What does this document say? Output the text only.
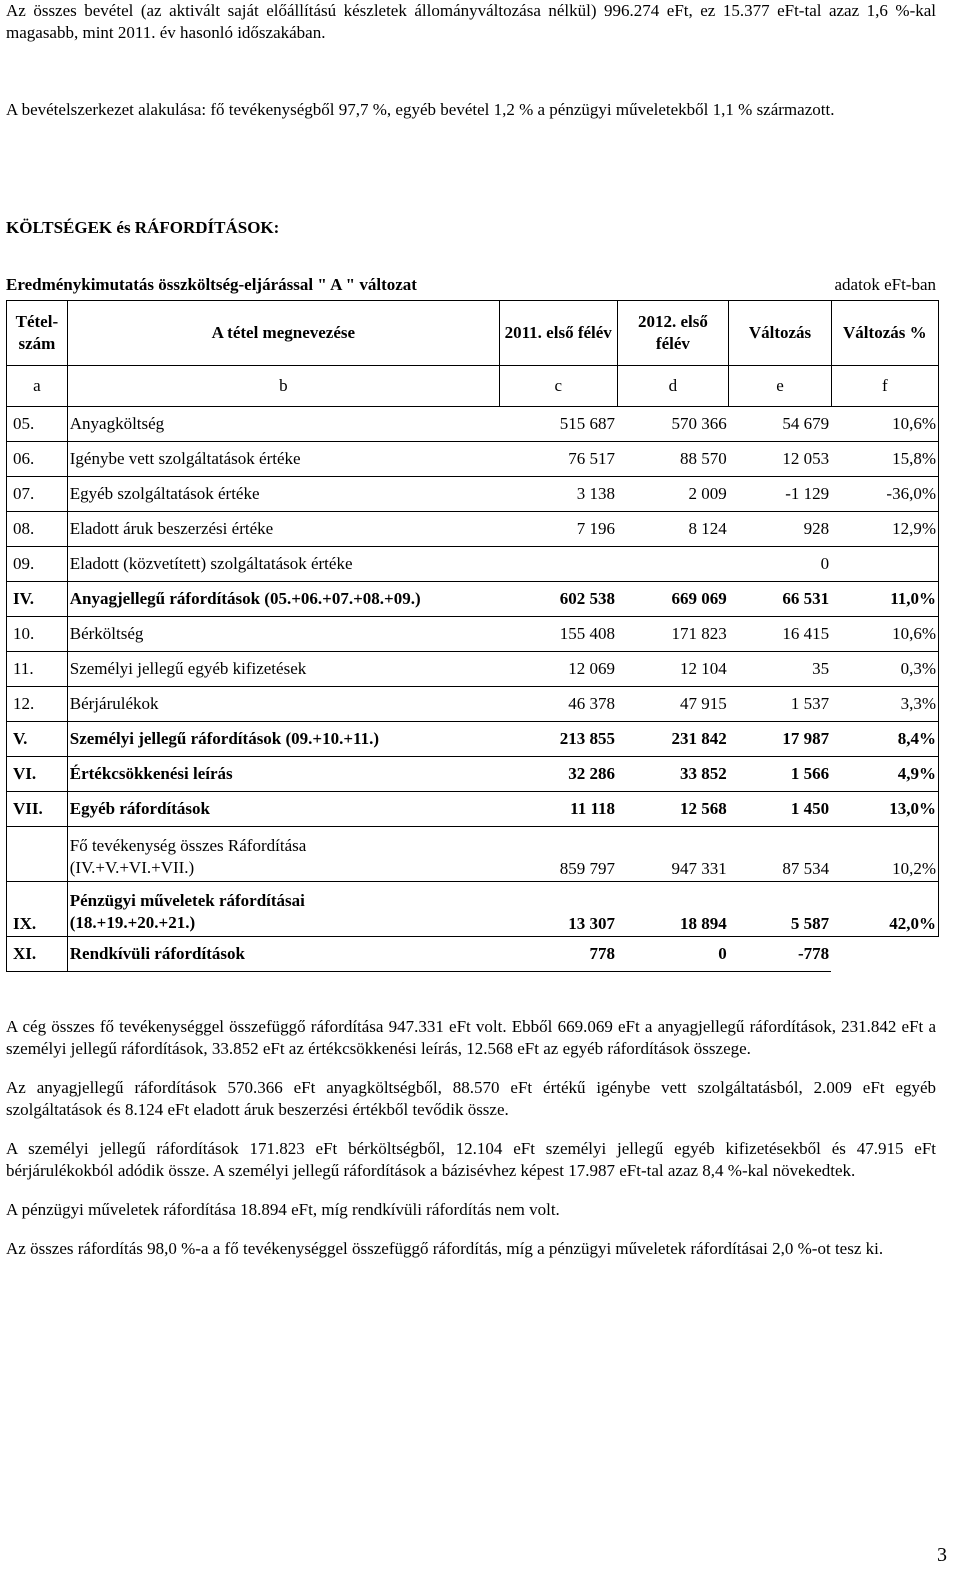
Az összes bevétel (az aktivált saját előállítású készletek állományváltozása nélkül) 996.274 eFt, ez 15.377 eFt-tal azaz 1,6 %-kal magasabb, mint 2011. év hasonló időszakában.

A bevételszerkezet alakulása: fő tevékenységből 97,7 %, egyéb bevétel 1,2 % a pénzügyi műveletekből 1,1 % származott.

KÖLTSÉGEK és RÁFORDÍTÁSOK:
Eredménykimutatás összköltség-eljárással " A " változat	adatok eFt-ban
Tétel-szám	A tétel megnevezése	2011. első félév	2012. első félév	Változás	Változás %
a	b	c	d	e	f
05.	Anyagköltség	515 687	570 366	54 679	10,6%
06.	Igénybe vett szolgáltatások értéke	76 517	88 570	12 053	15,8%
07.	Egyéb szolgáltatások értéke	3 138	2 009	-1 129	-36,0%
08.	Eladott áruk beszerzési értéke	7 196	8 124	928	12,9%
09.	Eladott (közvetített) szolgáltatások értéke			0	
IV.	Anyagjellegű ráfordítások (05.+06.+07.+08.+09.)	602 538	669 069	66 531	11,0%
10.	Bérköltség	155 408	171 823	16 415	10,6%
11.	Személyi jellegű egyéb kifizetések	12 069	12 104	35	0,3%
12.	Bérjárulékok	46 378	47 915	1 537	3,3%
V.	Személyi jellegű ráfordítások (09.+10.+11.)	213 855	231 842	17 987	8,4%
VI.	Értékcsökkenési leírás	32 286	33 852	1 566	4,9%
VII.	Egyéb ráfordítások	11 118	12 568	1 450	13,0%

	Fő tevékenység összes Ráfordítása
(IV.+V.+VI.+VII.)	859 797	947 331	87 534	10,2%
IX.	Pénzügyi műveletek ráfordításai
(18.+19.+20.+21.)	13 307	18 894	5 587	42,0%
XI.	Rendkívüli ráfordítások	778	0	-778	

A cég összes fő tevékenységgel összefüggő ráfordítása 947.331 eFt volt. Ebből 669.069 eFt a anyagjellegű ráfordítások, 231.842 eFt a személyi jellegű ráfordítások, 33.852 eFt az értékcsökkenési leírás, 12.568 eFt az egyéb ráfordítások összege.

Az anyagjellegű ráfordítások 570.366 eFt anyagköltségből, 88.570 eFt értékű igénybe vett szolgáltatásból, 2.009 eFt egyéb szolgáltatások és 8.124 eFt eladott áruk beszerzési értékből tevődik össze.

A személyi jellegű ráfordítások 171.823 eFt bérköltségből, 12.104 eFt személyi jellegű egyéb kifizetésekből és 47.915 eFt bérjárulékokból adódik össze. A személyi jellegű ráfordítások a bázisévhez képest 17.987 eFt-tal azaz 8,4 %-kal növekedtek.

A pénzügyi műveletek ráfordítása 18.894 eFt, míg rendkívüli ráfordítás nem volt.

Az összes ráfordítás 98,0 %-a a fő tevékenységgel összefüggő ráfordítás, míg a pénzügyi műveletek ráfordításai 2,0 %-ot tesz ki.

3
